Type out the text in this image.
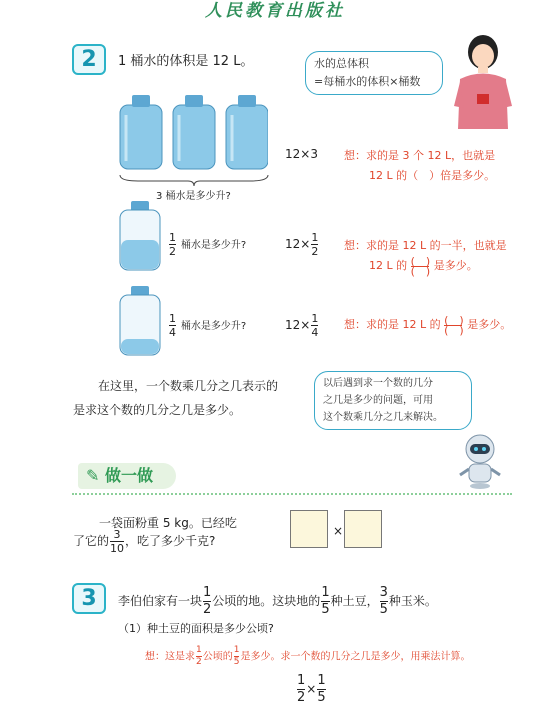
人民教育出版社
2	1 桶水的体积是 12 L。	水的总体积
=每桶水的体积×桶数
3 桶水是多少升?
12×3 想：求的是 3 个 12 L，也就是
12 L 的（　）倍是多少。
$\frac{1}{2}$ 桶水是多少升?	$12\times \frac{1}{2}$ 想：求的是 12 L 的一半，也就是
12 L 的 $\frac{( )}{( )}$ 是多少。
$\frac{1}{4}$ 桶水是多少升?	$12\times \frac{1}{4}$ 想：求的是 12 L 的 $\frac{( )}{( )}$ 是多少。
在这里，一个数乘几分之几表示的
是求这个数的几分之几是多少。
以后遇到求一个数的几分
之几是多少的问题，可用
这个数乘几分之几来解决。
✎ 做一做
一袋面粉重 5 kg。已经吃
了它的 $\frac{3}{10}$ ，吃了多少千克?
×
3	李伯伯家有一块 $\frac{1}{2}$ 公顷的地。这块地的 $\frac{1}{5}$ 种土豆， $\frac{3}{5}$ 种玉米。
（1）种土豆的面积是多少公顷?
想：这是求 $\frac{1}{2}$ 公顷的 $\frac{1}{5}$ 是多少。求一个数的几分之几是多少，用乘法计算。
$\frac{1}{2} \times \frac{1}{5}$
